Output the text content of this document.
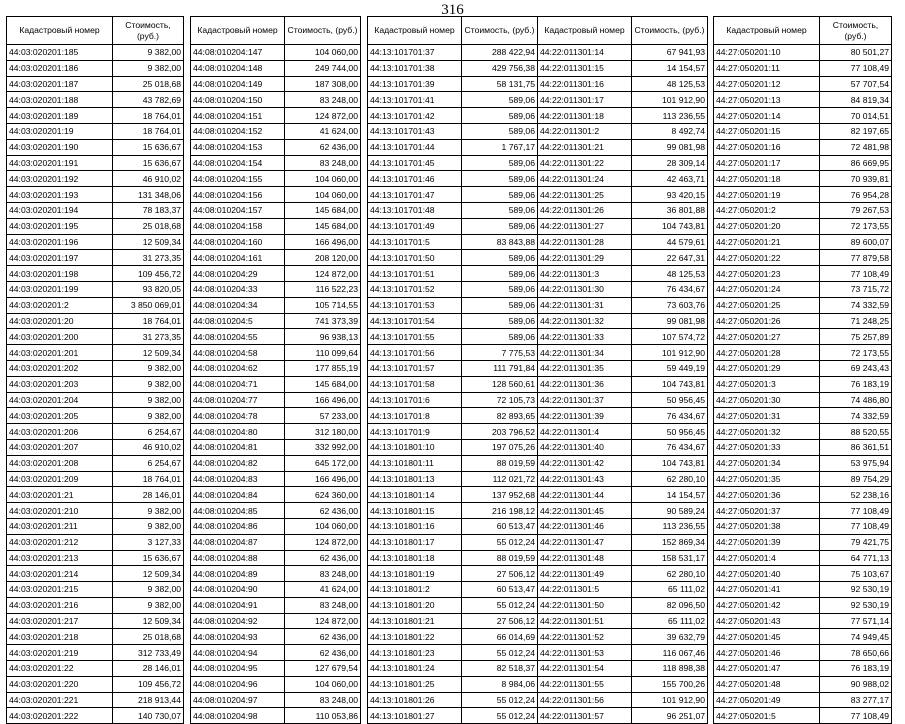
316
Кадастровый номер	Стоимость, (руб.)
44:03:020201:185	9 382,00
44:03:020201:186	9 382,00
44:03:020201:187	25 018,68
44:03:020201:188	43 782,69
44:03:020201:189	18 764,01
44:03:020201:19	18 764,01
44:03:020201:190	15 636,67
44:03:020201:191	15 636,67
44:03:020201:192	46 910,02
44:03:020201:193	131 348,06
44:03:020201:194	78 183,37
44:03:020201:195	25 018,68
44:03:020201:196	12 509,34
44:03:020201:197	31 273,35
44:03:020201:198	109 456,72
44:03:020201:199	93 820,05
44:03:020201:2	3 850 069,01
44:03:020201:20	18 764,01
44:03:020201:200	31 273,35
44:03:020201:201	12 509,34
44:03:020201:202	9 382,00
44:03:020201:203	9 382,00
44:03:020201:204	9 382,00
44:03:020201:205	9 382,00
44:03:020201:206	6 254,67
44:03:020201:207	46 910,02
44:03:020201:208	6 254,67
44:03:020201:209	18 764,01
44:03:020201:21	28 146,01
44:03:020201:210	9 382,00
44:03:020201:211	9 382,00
44:03:020201:212	3 127,33
44:03:020201:213	15 636,67
44:03:020201:214	12 509,34
44:03:020201:215	9 382,00
44:03:020201:216	9 382,00
44:03:020201:217	12 509,34
44:03:020201:218	25 018,68
44:03:020201:219	312 733,49
44:03:020201:22	28 146,01
44:03:020201:220	109 456,72
44:03:020201:221	218 913,44
44:03:020201:222	140 730,07
Кадастровый номер	Стоимость, (руб.)
44:08:010204:147	104 060,00
44:08:010204:148	249 744,00
44:08:010204:149	187 308,00
44:08:010204:150	83 248,00
44:08:010204:151	124 872,00
44:08:010204:152	41 624,00
44:08:010204:153	62 436,00
44:08:010204:154	83 248,00
44:08:010204:155	104 060,00
44:08:010204:156	104 060,00
44:08:010204:157	145 684,00
44:08:010204:158	145 684,00
44:08:010204:160	166 496,00
44:08:010204:161	208 120,00
44:08:010204:29	124 872,00
44:08:010204:33	116 522,23
44:08:010204:34	105 714,55
44:08:010204:5	741 373,39
44:08:010204:55	96 938,13
44:08:010204:58	110 099,64
44:08:010204:62	177 855,19
44:08:010204:71	145 684,00
44:08:010204:77	166 496,00
44:08:010204:78	57 233,00
44:08:010204:80	312 180,00
44:08:010204:81	332 992,00
44:08:010204:82	645 172,00
44:08:010204:83	166 496,00
44:08:010204:84	624 360,00
44:08:010204:85	62 436,00
44:08:010204:86	104 060,00
44:08:010204:87	124 872,00
44:08:010204:88	62 436,00
44:08:010204:89	83 248,00
44:08:010204:90	41 624,00
44:08:010204:91	83 248,00
44:08:010204:92	124 872,00
44:08:010204:93	62 436,00
44:08:010204:94	62 436,00
44:08:010204:95	127 679,54
44:08:010204:96	104 060,00
44:08:010204:97	83 248,00
44:08:010204:98	110 053,86
Кадастровый номер	Стоимость, (руб.)
44:13:101701:37	288 422,94
44:13:101701:38	429 756,38
44:13:101701:39	58 131,75
44:13:101701:41	589,06
44:13:101701:42	589,06
44:13:101701:43	589,06
44:13:101701:44	1 767,17
44:13:101701:45	589,06
44:13:101701:46	589,06
44:13:101701:47	589,06
44:13:101701:48	589,06
44:13:101701:49	589,06
44:13:101701:5	83 843,88
44:13:101701:50	589,06
44:13:101701:51	589,06
44:13:101701:52	589,06
44:13:101701:53	589,06
44:13:101701:54	589,06
44:13:101701:55	589,06
44:13:101701:56	7 775,53
44:13:101701:57	111 791,84
44:13:101701:58	128 560,61
44:13:101701:6	72 105,73
44:13:101701:8	82 893,65
44:13:101701:9	203 796,52
44:13:101801:10	197 075,26
44:13:101801:11	88 019,59
44:13:101801:13	112 021,72
44:13:101801:14	137 952,68
44:13:101801:15	216 198,12
44:13:101801:16	60 513,47
44:13:101801:17	55 012,24
44:13:101801:18	88 019,59
44:13:101801:19	27 506,12
44:13:101801:2	60 513,47
44:13:101801:20	55 012,24
44:13:101801:21	27 506,12
44:13:101801:22	66 014,69
44:13:101801:23	55 012,24
44:13:101801:24	82 518,37
44:13:101801:25	8 984,06
44:13:101801:26	55 012,24
44:13:101801:27	55 012,24
Кадастровый номер	Стоимость, (руб.)
44:22:011301:14	67 941,93
44:22:011301:15	14 154,57
44:22:011301:16	48 125,53
44:22:011301:17	101 912,90
44:22:011301:18	113 236,55
44:22:011301:2	8 492,74
44:22:011301:21	99 081,98
44:22:011301:22	28 309,14
44:22:011301:24	42 463,71
44:22:011301:25	93 420,15
44:22:011301:26	36 801,88
44:22:011301:27	104 743,81
44:22:011301:28	44 579,61
44:22:011301:29	22 647,31
44:22:011301:3	48 125,53
44:22:011301:30	76 434,67
44:22:011301:31	73 603,76
44:22:011301:32	99 081,98
44:22:011301:33	107 574,72
44:22:011301:34	101 912,90
44:22:011301:35	59 449,19
44:22:011301:36	104 743,81
44:22:011301:37	50 956,45
44:22:011301:39	76 434,67
44:22:011301:4	50 956,45
44:22:011301:40	76 434,67
44:22:011301:42	104 743,81
44:22:011301:43	62 280,10
44:22:011301:44	14 154,57
44:22:011301:45	90 589,24
44:22:011301:46	113 236,55
44:22:011301:47	152 869,34
44:22:011301:48	158 531,17
44:22:011301:49	62 280,10
44:22:011301:5	65 111,02
44:22:011301:50	82 096,50
44:22:011301:51	65 111,02
44:22:011301:52	39 632,79
44:22:011301:53	116 067,46
44:22:011301:54	118 898,38
44:22:011301:55	155 700,26
44:22:011301:56	101 912,90
44:22:011301:57	96 251,07
Кадастровый номер	Стоимость, (руб.)
44:27:050201:10	80 501,27
44:27:050201:11	77 108,49
44:27:050201:12	57 707,54
44:27:050201:13	84 819,34
44:27:050201:14	70 014,51
44:27:050201:15	82 197,65
44:27:050201:16	72 481,98
44:27:050201:17	86 669,95
44:27:050201:18	70 939,81
44:27:050201:19	76 954,28
44:27:050201:2	79 267,53
44:27:050201:20	72 173,55
44:27:050201:21	89 600,07
44:27:050201:22	77 879,58
44:27:050201:23	77 108,49
44:27:050201:24	73 715,72
44:27:050201:25	74 332,59
44:27:050201:26	71 248,25
44:27:050201:27	75 257,89
44:27:050201:28	72 173,55
44:27:050201:29	69 243,43
44:27:050201:3	76 183,19
44:27:050201:30	74 486,80
44:27:050201:31	74 332,59
44:27:050201:32	88 520,55
44:27:050201:33	86 361,51
44:27:050201:34	53 975,94
44:27:050201:35	89 754,29
44:27:050201:36	52 238,16
44:27:050201:37	77 108,49
44:27:050201:38	77 108,49
44:27:050201:39	79 421,75
44:27:050201:4	64 771,13
44:27:050201:40	75 103,67
44:27:050201:41	92 530,19
44:27:050201:42	92 530,19
44:27:050201:43	77 571,14
44:27:050201:45	74 949,45
44:27:050201:46	78 650,66
44:27:050201:47	76 183,19
44:27:050201:48	90 988,02
44:27:050201:49	83 277,17
44:27:050201:5	77 108,49
